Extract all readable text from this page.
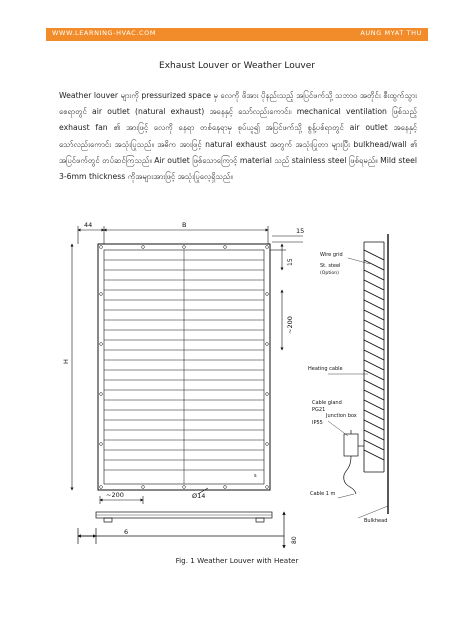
WWW.LEARNING-HVAC.COM	AUNG MYAT THU
Exhaust Louver or Weather Louver

Weather louver များကို pressurized space မှ လေကို ဖိအား ပိုနည်းသည့် အပြင်ဖက်သို့ သဘာဝ အတိုင်း စီးထွက်သွားစေရာတွင် air outlet (natural exhaust) အနေနှင့် သော်လည်းကောင်း၊ mechanical ventilation ဖြစ်သည့် exhaust fan ၏ အားဖြင့် လေကို နေရာ တစ်နေရာမှ စုပ်ယူ၍ အပြင်ဖက်သို့ စွန့်ပစ်ရာတွင် air outlet အနေနှင့် သော်လည်းကောင်း အသုံးပြုသည်။ အဓိက အားဖြင့် natural exhaust အတွက် အသုံးပြုတာ များပြီး bulkhead/wall ၏ အပြင်ဖက်တွင် တပ်ဆင်ကြသည်။ Air outlet ဖြစ်သောကြောင့် material သည် stainless steel ဖြစ်ရမည်။ Mild steel 3-6mm thickness ကိုအများအားဖြင့် အသုံးပြုလေ့ရှိသည်။

44	B
15
H
s
15
~200
~200	Ø14
6
80
Wire grid
St. steel
(Option)
Heating cable
Cable gland
PG21
Junction box
IP55
Cable 1 m
Bulkhead
Fig. 1 Weather Louver with Heater
